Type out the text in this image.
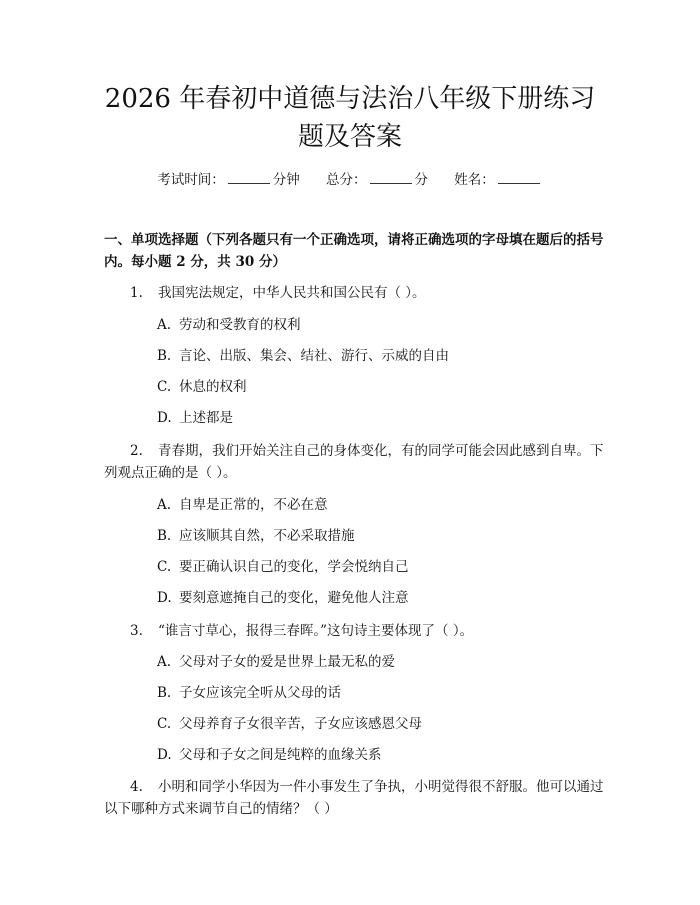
2026 年春初中道德与法治八年级下册练习题及答案
考试时间：	分钟 总分：	分 姓名：
一、单项选择题（下列各题只有一个正确选项，请将正确选项的字母填在题后的括号内。每小题 2 分，共 30 分）
1. 我国宪法规定，中华人民共和国公民有（ ）。
A. 劳动和受教育的权利
B. 言论、出版、集会、结社、游行、示威的自由
C. 休息的权利
D. 上述都是
2. 青春期，我们开始关注自己的身体变化，有的同学可能会因此感到自卑。下列观点正确的是（ ）。
A. 自卑是正常的，不必在意
B. 应该顺其自然，不必采取措施
C. 要正确认识自己的变化，学会悦纳自己
D. 要刻意遮掩自己的变化，避免他人注意
3. “谁言寸草心，报得三春晖。”这句诗主要体现了（ ）。
A. 父母对子女的爱是世界上最无私的爱
B. 子女应该完全听从父母的话
C. 父母养育子女很辛苦，子女应该感恩父母
D. 父母和子女之间是纯粹的血缘关系
4. 小明和同学小华因为一件小事发生了争执，小明觉得很不舒服。他可以通过以下哪种方式来调节自己的情绪？（ ）
